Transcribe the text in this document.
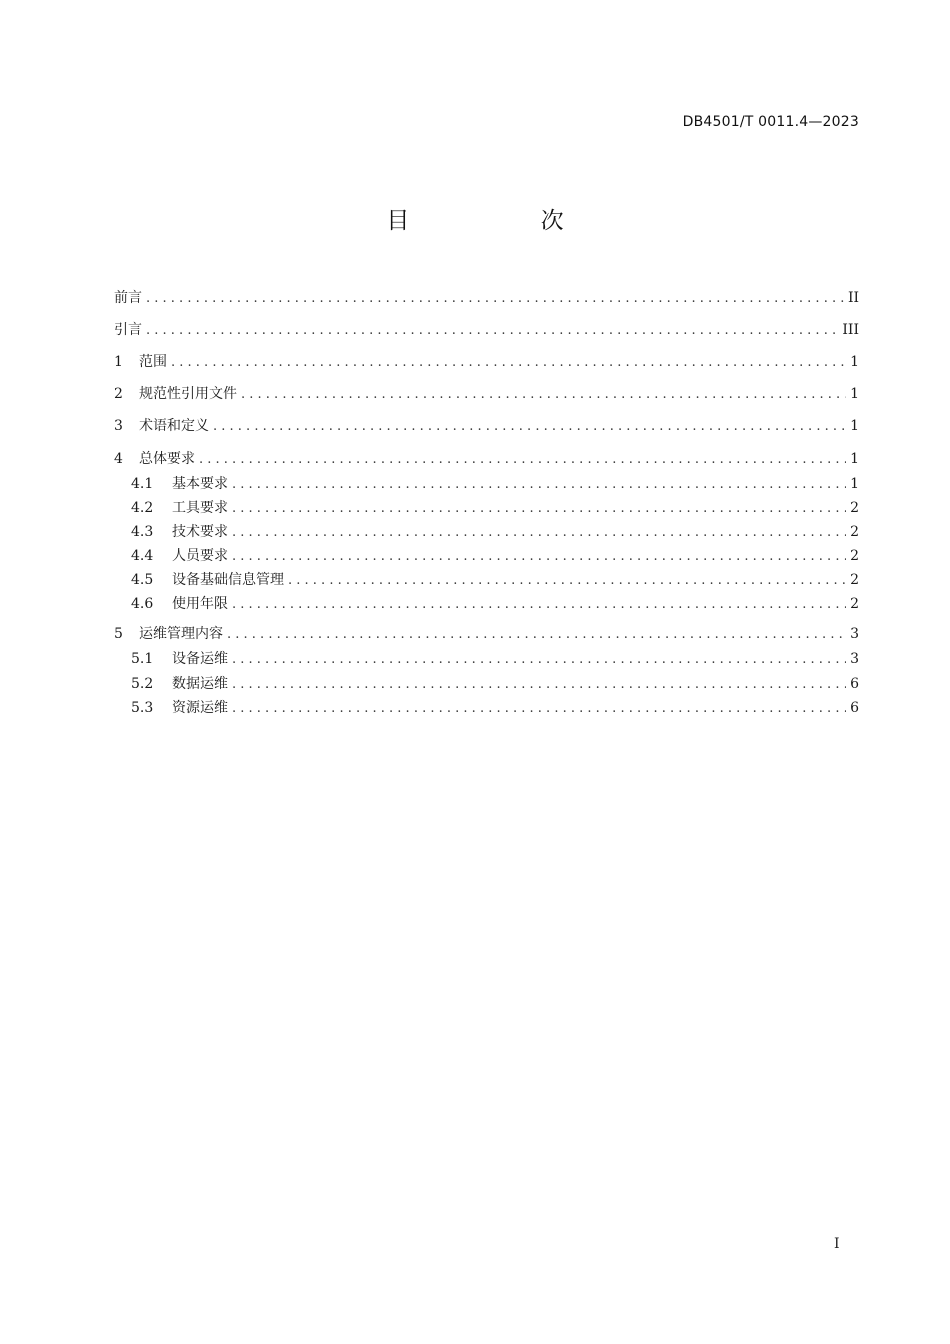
DB4501/T 0011.4—2023
目 次
前言 . . .	II
引言 . . .	III
1	范围 . . .	1
2	规范性引用文件 . . .	1
3	术语和定义 . . .	1
4	总体要求 . . .	1
4.1	基本要求 . . .	1
4.2	工具要求 . . .	2
4.3	技术要求 . . .	2
4.4	人员要求 . . .	2
4.5	设备基础信息管理 . . .	2
4.6	使用年限 . . .	2
5	运维管理内容 . . .	3
5.1	设备运维 . . .	3
5.2	数据运维 . . .	6
5.3	资源运维 . . .	6
I
